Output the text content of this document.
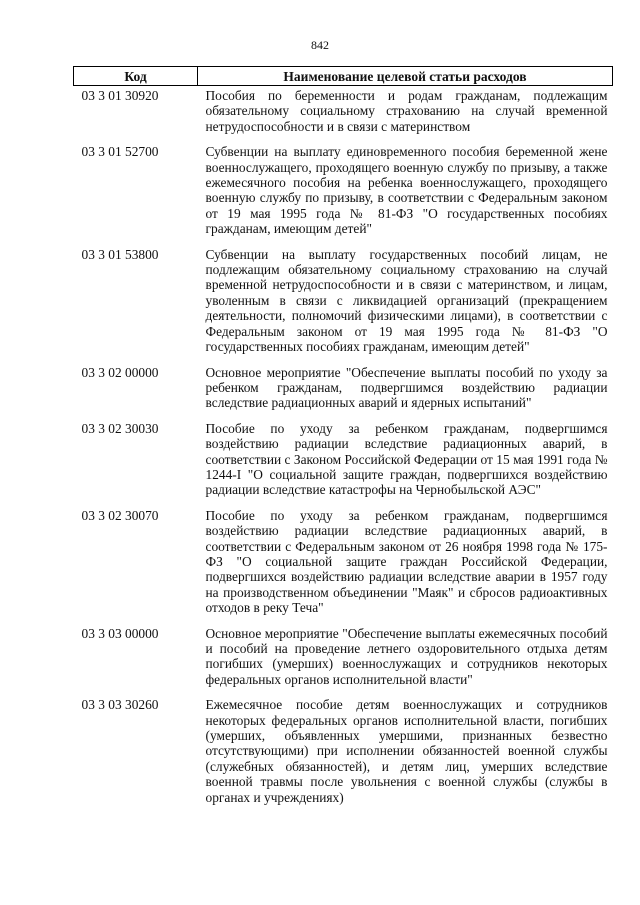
842
Код	Наименование целевой статьи расходов
03 3 01 30920	Пособия по беременности и родам гражданам, подлежащим обязательному социальному страхованию на случай временной нетрудоспособности и в связи с материнством
03 3 01 52700	Субвенции на выплату единовременного пособия беременной жене военнослужащего, проходящего военную службу по призыву, а также ежемесячного пособия на ребенка военнослужащего, проходящего военную службу по призыву, в соответствии с Федеральным законом от 19 мая 1995 года № 81-ФЗ "О государственных пособиях гражданам, имеющим детей"
03 3 01 53800	Субвенции на выплату государственных пособий лицам, не подлежащим обязательному социальному страхованию на случай временной нетрудоспособности и в связи с материнством, и лицам, уволенным в связи с ликвидацией организаций (прекращением деятельности, полномочий физическими лицами), в соответствии с Федеральным законом от 19 мая 1995 года № 81-ФЗ "О государственных пособиях гражданам, имеющим детей"
03 3 02 00000	Основное мероприятие "Обеспечение выплаты пособий по уходу за ребенком гражданам, подвергшимся воздействию радиации вследствие радиационных аварий и ядерных испытаний"
03 3 02 30030	Пособие по уходу за ребенком гражданам, подвергшимся воздействию радиации вследствие радиационных аварий, в соответствии с Законом Российской Федерации от 15 мая 1991 года № 1244-I "О социальной защите граждан, подвергшихся воздействию радиации вследствие катастрофы на Чернобыльской АЭС"
03 3 02 30070	Пособие по уходу за ребенком гражданам, подвергшимся воздействию радиации вследствие радиационных аварий, в соответствии с Федеральным законом от 26 ноября 1998 года № 175-ФЗ "О социальной защите граждан Российской Федерации, подвергшихся воздействию радиации вследствие аварии в 1957 году на производственном объединении "Маяк" и сбросов радиоактивных отходов в реку Теча"
03 3 03 00000	Основное мероприятие "Обеспечение выплаты ежемесячных пособий и пособий на проведение летнего оздоровительного отдыха детям погибших (умерших) военнослужащих и сотрудников некоторых федеральных органов исполнительной власти"
03 3 03 30260	Ежемесячное пособие детям военнослужащих и сотрудников некоторых федеральных органов исполнительной власти, погибших (умерших, объявленных умершими, признанных безвестно отсутствующими) при исполнении обязанностей военной службы (служебных обязанностей), и детям лиц, умерших вследствие военной травмы после увольнения с военной службы (службы в органах и учреждениях)
